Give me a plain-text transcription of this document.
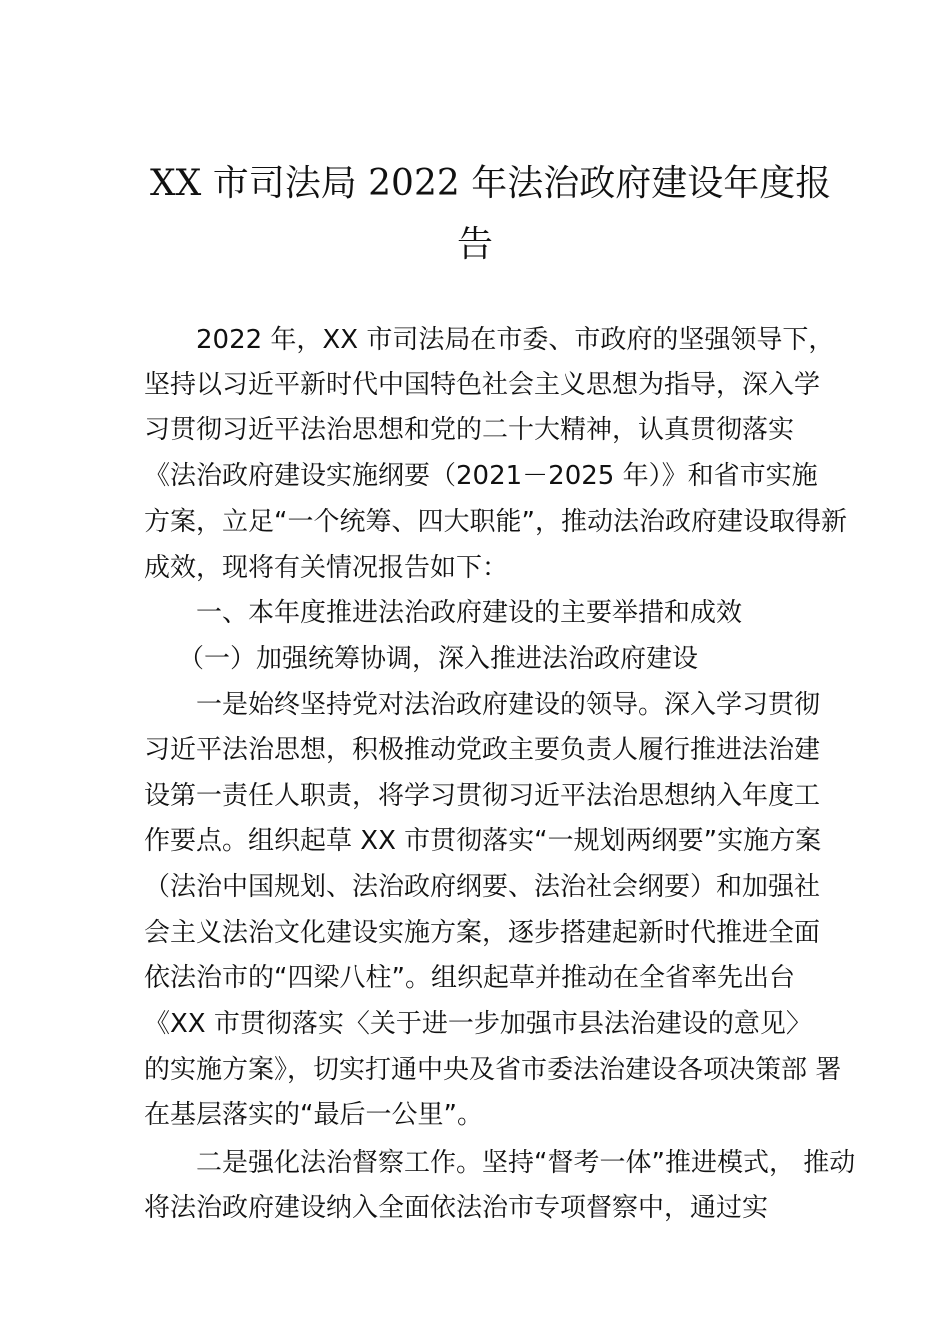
XX 市司法局 2022 年法治政府建设年度报
告
2022 年，XX 市司法局在市委、市政府的坚强领导下，
坚持以习近平新时代中国特色社会主义思想为指导，深入学
习贯彻习近平法治思想和党的二十大精神，认真贯彻落实
《法治政府建设实施纲要（2021－2025 年）》和省市实施
方案，立足“一个统筹、四大职能”，推动法治政府建设取得新
成效，现将有关情况报告如下：
一、本年度推进法治政府建设的主要举措和成效
（一）加强统筹协调，深入推进法治政府建设
一是始终坚持党对法治政府建设的领导。深入学习贯彻
习近平法治思想，积极推动党政主要负责人履行推进法治建
设第一责任人职责，将学习贯彻习近平法治思想纳入年度工
作要点。组织起草 XX 市贯彻落实“一规划两纲要”实施方案
（法治中国规划、法治政府纲要、法治社会纲要）和加强社
会主义法治文化建设实施方案，逐步搭建起新时代推进全面
依法治市的“四梁八柱”。组织起草并推动在全省率先出台
《XX 市贯彻落实〈关于进一步加强市县法治建设的意见〉
的实施方案》，切实打通中央及省市委法治建设各项决策部 署
在基层落实的“最后一公里”。
二是强化法治督察工作。坚持“督考一体”推进模式， 推动
将法治政府建设纳入全面依法治市专项督察中，通过实
